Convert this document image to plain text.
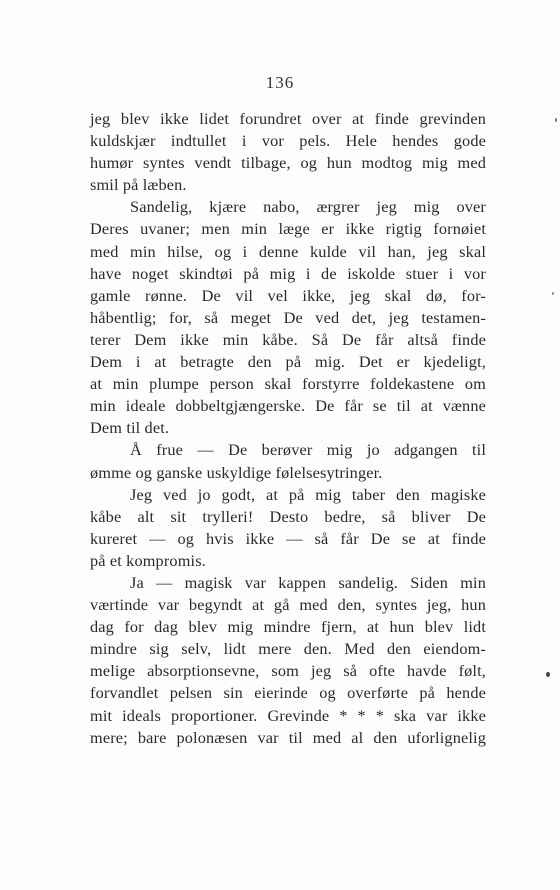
136
jeg blev ikke lidet forundret over at finde grevinden
kuldskjær indtullet i vor pels. Hele hendes gode
humør syntes vendt tilbage, og hun modtog mig med
smil på læben.
Sandelig, kjære nabo, ærgrer jeg mig over
Deres uvaner; men min læge er ikke rigtig fornøiet
med min hilse, og i denne kulde vil han, jeg skal
have noget skindtøi på mig i de iskolde stuer i vor
gamle rønne. De vil vel ikke, jeg skal dø, for-
håbentlig; for, så meget De ved det, jeg testamen-
terer Dem ikke min kåbe. Så De får altså finde
Dem i at betragte den på mig. Det er kjedeligt,
at min plumpe person skal forstyrre foldekastene om
min ideale dobbeltgjængerske. De får se til at vænne
Dem til det.
Å frue — De berøver mig jo adgangen til
ømme og ganske uskyldige følelsesytringer.
Jeg ved jo godt, at på mig taber den magiske
kåbe alt sit trylleri! Desto bedre, så bliver De
kureret — og hvis ikke — så får De se at finde
på et kompromis.
Ja — magisk var kappen sandelig. Siden min
værtinde var begyndt at gå med den, syntes jeg, hun
dag for dag blev mig mindre fjern, at hun blev lidt
mindre sig selv, lidt mere den. Med den eiendom-
melige absorptionsevne, som jeg så ofte havde følt,
forvandlet pelsen sin eierinde og overførte på hende
mit ideals proportioner. Grevinde * * * ska var ikke
mere; bare polonæsen var til med al den uforlignelig
